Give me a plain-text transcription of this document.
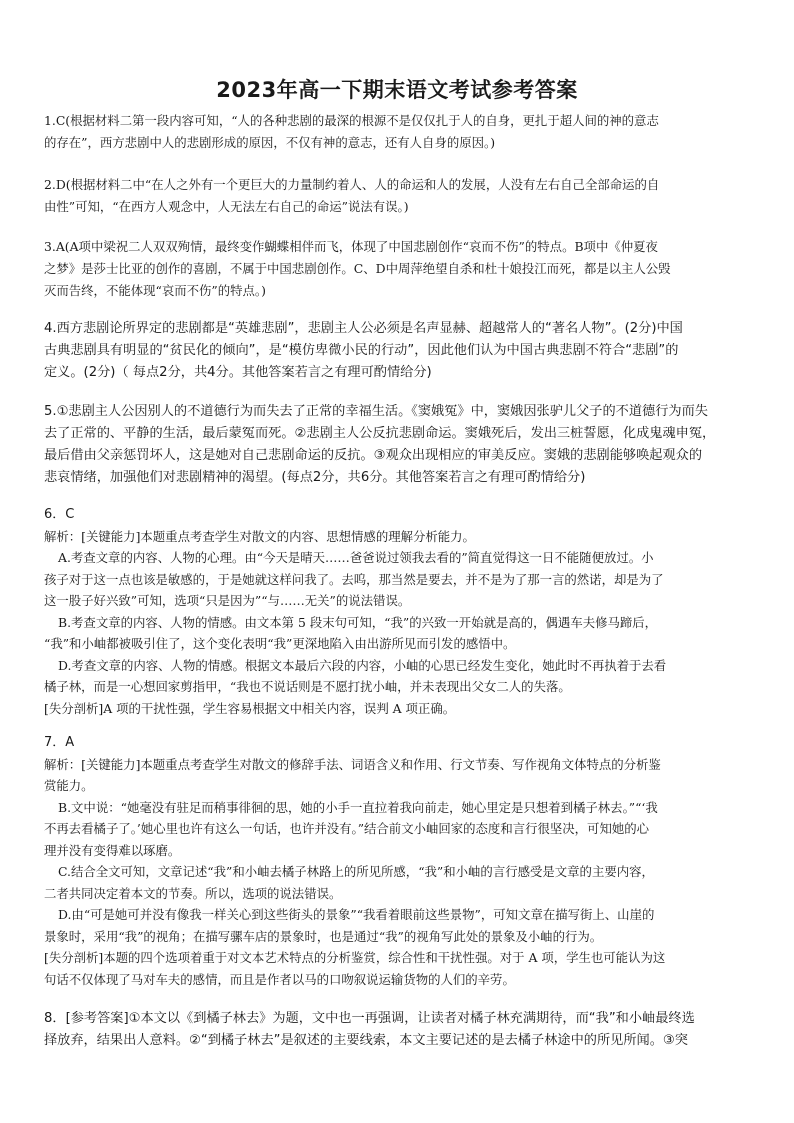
2023年高一下期末语文考试参考答案
1.C(根据材料二第一段内容可知，“人的各种悲剧的最深的根源不是仅仅扎于人的自身，更扎于超人间的神的意志
的存在”，西方悲剧中人的悲剧形成的原因，不仅有神的意志，还有人自身的原因。)
2.D(根据材料二中“在人之外有一个更巨大的力量制约着人、人的命运和人的发展，人没有左右自己全部命运的自
由性”可知，“在西方人观念中，人无法左右自己的命运”说法有误。)
3.A(A项中梁祝二人双双殉情，最终变作蝴蝶相伴而飞，体现了中国悲剧创作“哀而不伤”的特点。B项中《仲夏夜
之梦》是莎士比亚的创作的喜剧，不属于中国悲剧创作。C、D中周萍绝望自杀和杜十娘投江而死，都是以主人公毁
灭而告终，不能体现“哀而不伤”的特点。)
4.西方悲剧论所界定的悲剧都是“英雄悲剧”，悲剧主人公必须是名声显赫、超越常人的“著名人物”。(2分)中国
古典悲剧具有明显的“贫民化的倾向”，是“模仿卑微小民的行动”，因此他们认为中国古典悲剧不符合“悲剧”的
定义。(2分)（ 每点2分，共4分。其他答案若言之有理可酌情给分)
5.①悲剧主人公因别人的不道德行为而失去了正常的幸福生活。《窦娥冤》中，窦娥因张驴儿父子的不道德行为而失
去了正常的、平静的生活，最后蒙冤而死。②悲剧主人公反抗悲剧命运。窦娥死后，发出三桩誓愿，化成鬼魂申冤，
最后借由父亲惩罚坏人，这是她对自己悲剧命运的反抗。③观众出现相应的审美反应。窦娥的悲剧能够唤起观众的
悲哀情绪，加强他们对悲剧精神的渴望。(每点2分，共6分。其他答案若言之有理可酌情给分)
6．C
解析：[关键能力]本题重点考查学生对散文的内容、思想情感的理解分析能力。
A.考查文章的内容、人物的心理。由“今天是晴天……爸爸说过领我去看的”简直觉得这一日不能随便放过。小
孩子对于这一点也该是敏感的，于是她就这样问我了。去呜，那当然是要去，并不是为了那一言的然诺，却是为了
这一股子好兴致”可知，选项“只是因为”“与……无关”的说法错误。
B.考查文章的内容、人物的情感。由文本第 5 段末句可知，“我”的兴致一开始就是高的，偶遇车夫修马蹄后，
“我”和小岫都被吸引住了，这个变化表明“我”更深地陷入由出游所见而引发的感悟中。
D.考查文章的内容、人物的情感。根据文本最后六段的内容，小岫的心思已经发生变化，她此时不再执着于去看
橘子林，而是一心想回家剪指甲，“我也不说话则是不愿打扰小岫，并未表现出父女二人的失落。
[失分剖析]A 项的干扰性强，学生容易根据文中相关内容，误判 A 项正确。
7．A
解析：[关键能力]本题重点考查学生对散文的修辞手法、词语含义和作用、行文节奏、写作视角文体特点的分析鉴
赏能力。
B.文中说：“她毫没有驻足而稍事徘徊的思，她的小手一直拉着我向前走，她心里定是只想着到橘子林去。”“‘我
不再去看橘子了。’她心里也许有这么一句话，也许并没有。”结合前文小岫回家的态度和言行很坚决，可知她的心
理并没有变得难以琢磨。
C.结合全文可知，文章记述“我”和小岫去橘子林路上的所见所感，“我”和小岫的言行感受是文章的主要内容，
二者共同决定着本文的节奏。所以，选项的说法错误。
D.由“可是她可并没有像我一样关心到这些街头的景象”“我看着眼前这些景物”，可知文章在描写街上、山崖的
景象时，采用“我”的视角；在描写骡车店的景象时，也是通过“我”的视角写此处的景象及小岫的行为。
[失分剖析]本题的四个选项着重于对文本艺术特点的分析鉴赏，综合性和干扰性强。对于 A 项，学生也可能认为这
句话不仅体现了马对车夫的感情，而且是作者以马的口吻叙说运输货物的人们的辛劳。
8．[参考答案]①本文以《到橘子林去》为题，文中也一再强调，让读者对橘子林充满期待，而“我”和小岫最终选
择放弃，结果出人意料。②“到橘子林去”是叙述的主要线索，本文主要记述的是去橘子林途中的所见所闻。③突
